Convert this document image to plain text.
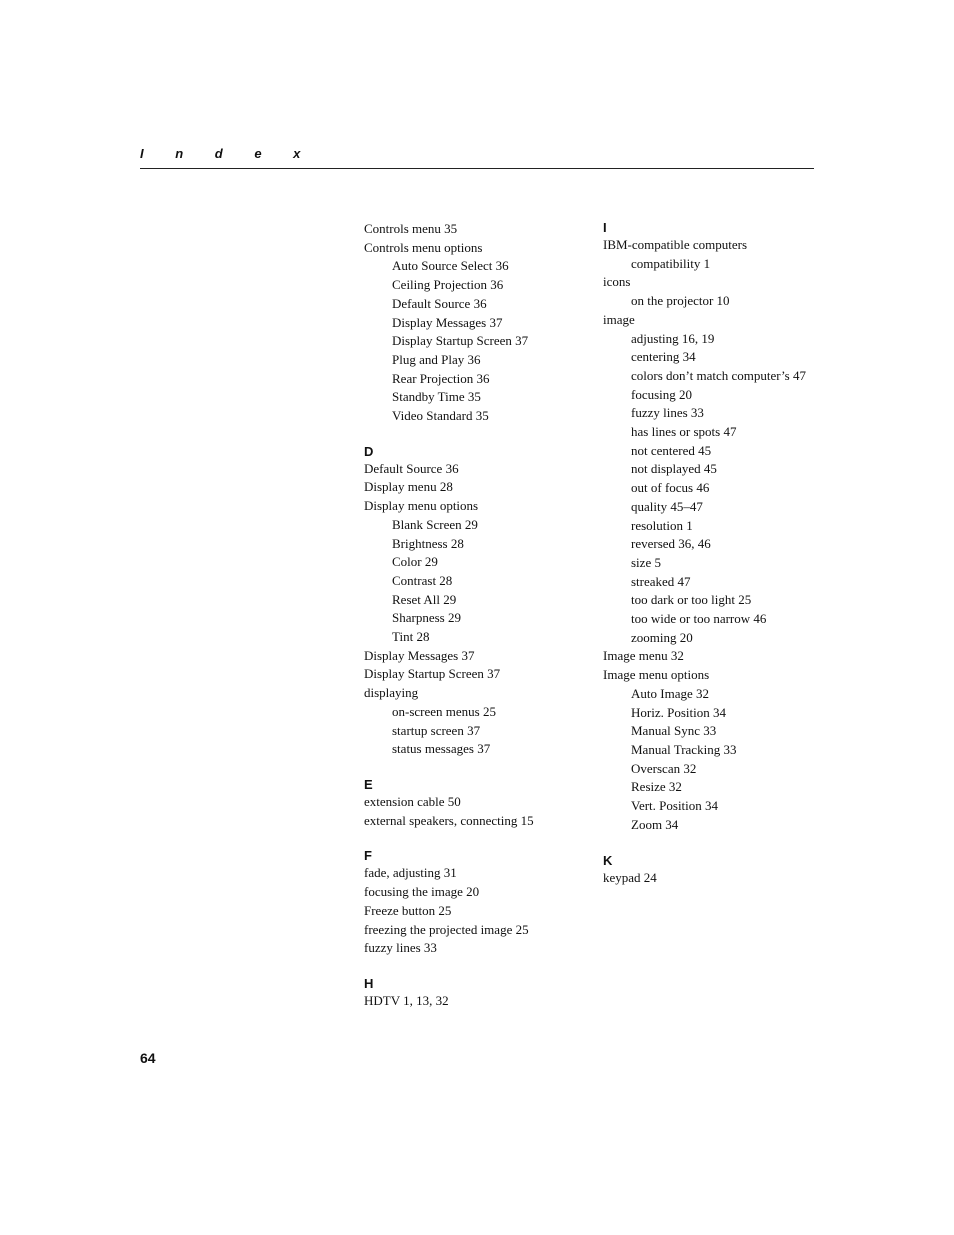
I n d e x
Controls menu 35
Controls menu options
Auto Source Select 36
Ceiling Projection 36
Default Source 36
Display Messages 37
Display Startup Screen 37
Plug and Play 36
Rear Projection 36
Standby Time 35
Video Standard 35
D
Default Source 36
Display menu 28
Display menu options
Blank Screen 29
Brightness 28
Color 29
Contrast 28
Reset All 29
Sharpness 29
Tint 28
Display Messages 37
Display Startup Screen 37
displaying
on-screen menus 25
startup screen 37
status messages 37
E
extension cable 50
external speakers, connecting 15
F
fade, adjusting 31
focusing the image 20
Freeze button 25
freezing the projected image 25
fuzzy lines 33
H
HDTV 1, 13, 32
I
IBM-compatible computers
compatibility 1
icons
on the projector 10
image
adjusting 16, 19
centering 34
colors don’t match computer’s 47
focusing 20
fuzzy lines 33
has lines or spots 47
not centered 45
not displayed 45
out of focus 46
quality 45–47
resolution 1
reversed 36, 46
size 5
streaked 47
too dark or too light 25
too wide or too narrow 46
zooming 20
Image menu 32
Image menu options
Auto Image 32
Horiz. Position 34
Manual Sync 33
Manual Tracking 33
Overscan 32
Resize 32
Vert. Position 34
Zoom 34
K
keypad 24
64
